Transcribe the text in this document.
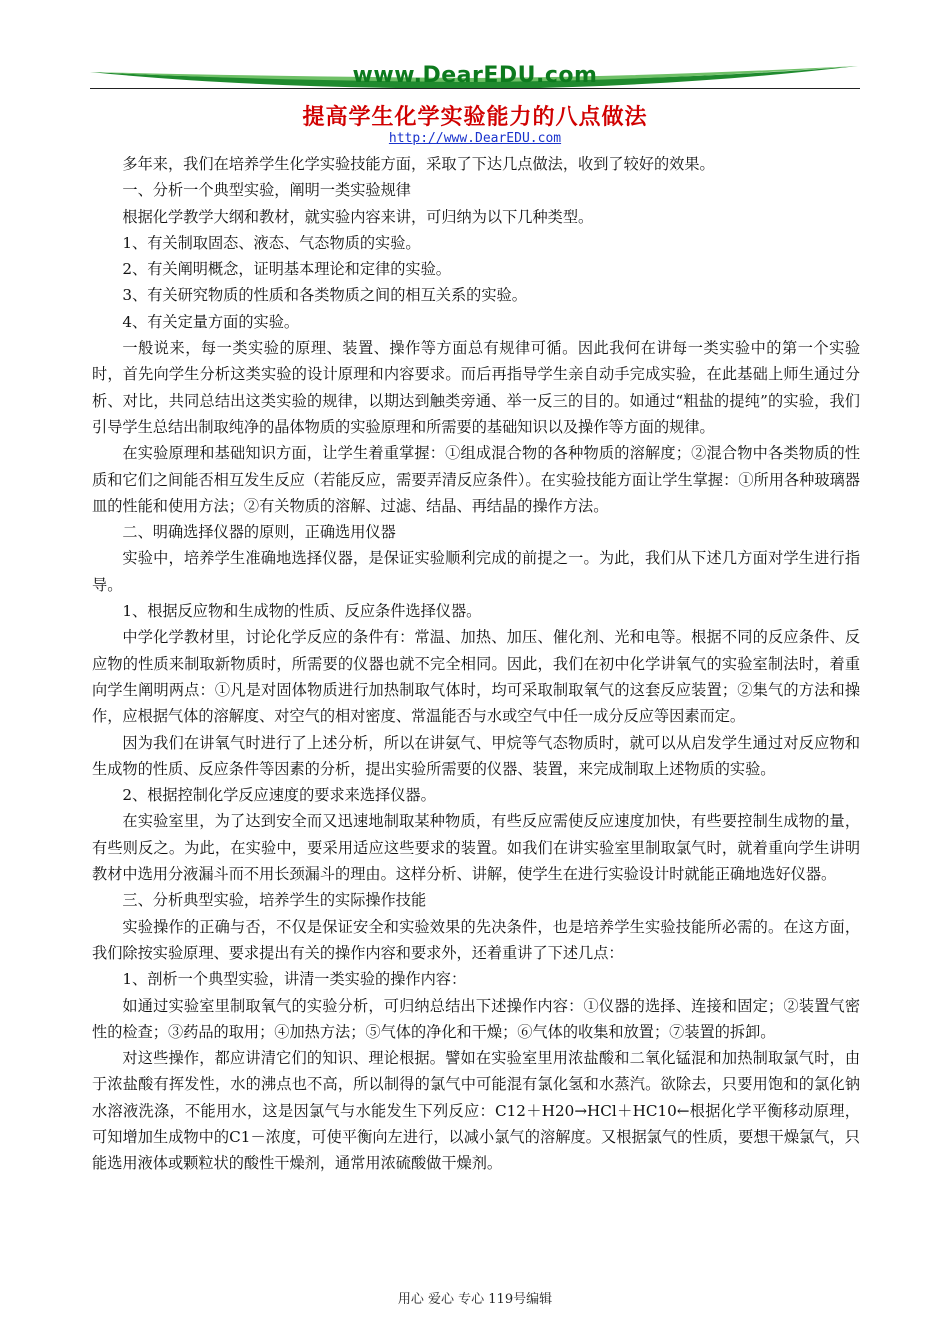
www.DearEDU.com
提高学生化学实验能力的八点做法
http://www.DearEDU.com

多年来，我们在培养学生化学实验技能方面，采取了下达几点做法，收到了较好的效果。

一、分析一个典型实验，阐明一类实验规律

根据化学教学大纲和教材，就实验内容来讲，可归纳为以下几种类型。

1、有关制取固态、液态、气态物质的实验。

2、有关阐明概念，证明基本理论和定律的实验。

3、有关研究物质的性质和各类物质之间的相互关系的实验。

4、有关定量方面的实验。

一般说来，每一类实验的原理、装置、操作等方面总有规律可循。因此我何在讲每一类实验中的第一个实验时，首先向学生分析这类实验的设计原理和内容要求。而后再指导学生亲自动手完成实验，在此基础上师生通过分析、对比，共同总结出这类实验的规律，以期达到触类旁通、举一反三的目的。如通过“粗盐的提纯”的实验，我们引导学生总结出制取纯净的晶体物质的实验原理和所需要的基础知识以及操作等方面的规律。

在实验原理和基础知识方面，让学生着重掌握：①组成混合物的各种物质的溶解度；②混合物中各类物质的性质和它们之间能否相互发生反应（若能反应，需要弄清反应条件）。在实验技能方面让学生掌握：①所用各种玻璃器皿的性能和使用方法；②有关物质的溶解、过滤、结晶、再结晶的操作方法。

二、明确选择仪器的原则，正确选用仪器

实验中，培养学生准确地选择仪器，是保证实验顺利完成的前提之一。为此，我们从下述几方面对学生进行指导。

1、根据反应物和生成物的性质、反应条件选择仪器。

中学化学教材里，讨论化学反应的条件有：常温、加热、加压、催化剂、光和电等。根据不同的反应条件、反应物的性质来制取新物质时，所需要的仪器也就不完全相同。因此，我们在初中化学讲氧气的实验室制法时，着重向学生阐明两点：①凡是对固体物质进行加热制取气体时，均可采取制取氧气的这套反应装置；②集气的方法和操作，应根据气体的溶解度、对空气的相对密度、常温能否与水或空气中任一成分反应等因素而定。

因为我们在讲氧气时进行了上述分析，所以在讲氨气、甲烷等气态物质时，就可以从启发学生通过对反应物和生成物的性质、反应条件等因素的分析，提出实验所需要的仪器、装置，来完成制取上述物质的实验。

2、根据控制化学反应速度的要求来选择仪器。

在实验室里，为了达到安全而又迅速地制取某种物质，有些反应需使反应速度加快，有些要控制生成物的量，有些则反之。为此，在实验中，要采用适应这些要求的装置。如我们在讲实验室里制取氯气时，就着重向学生讲明教材中选用分液漏斗而不用长颈漏斗的理由。这样分析、讲解，使学生在进行实验设计时就能正确地选好仪器。

三、分析典型实验，培养学生的实际操作技能

实验操作的正确与否，不仅是保证安全和实验效果的先决条件，也是培养学生实验技能所必需的。在这方面，我们除按实验原理、要求提出有关的操作内容和要求外，还着重讲了下述几点：

1、剖析一个典型实验，讲清一类实验的操作内容：

如通过实验室里制取氧气的实验分析，可归纳总结出下述操作内容：①仪器的选择、连接和固定；②装置气密性的检查；③药品的取用；④加热方法；⑤气体的净化和干燥；⑥气体的收集和放置；⑦装置的拆卸。

对这些操作，都应讲清它们的知识、理论根据。譬如在实验室里用浓盐酸和二氧化锰混和加热制取氯气时，由于浓盐酸有挥发性，水的沸点也不高，所以制得的氯气中可能混有氯化氢和水蒸汽。欲除去，只要用饱和的氯化钠水溶液洗涤，不能用水，这是因氯气与水能发生下列反应：C12＋H20→HCl＋HC10←根据化学平衡移动原理，可知增加生成物中的C1－浓度，可使平衡向左进行，以减小氯气的溶解度。又根据氯气的性质，要想干燥氯气，只能选用液体或颗粒状的酸性干燥剂，通常用浓硫酸做干燥剂。

用心 爱心 专心 119号编辑
